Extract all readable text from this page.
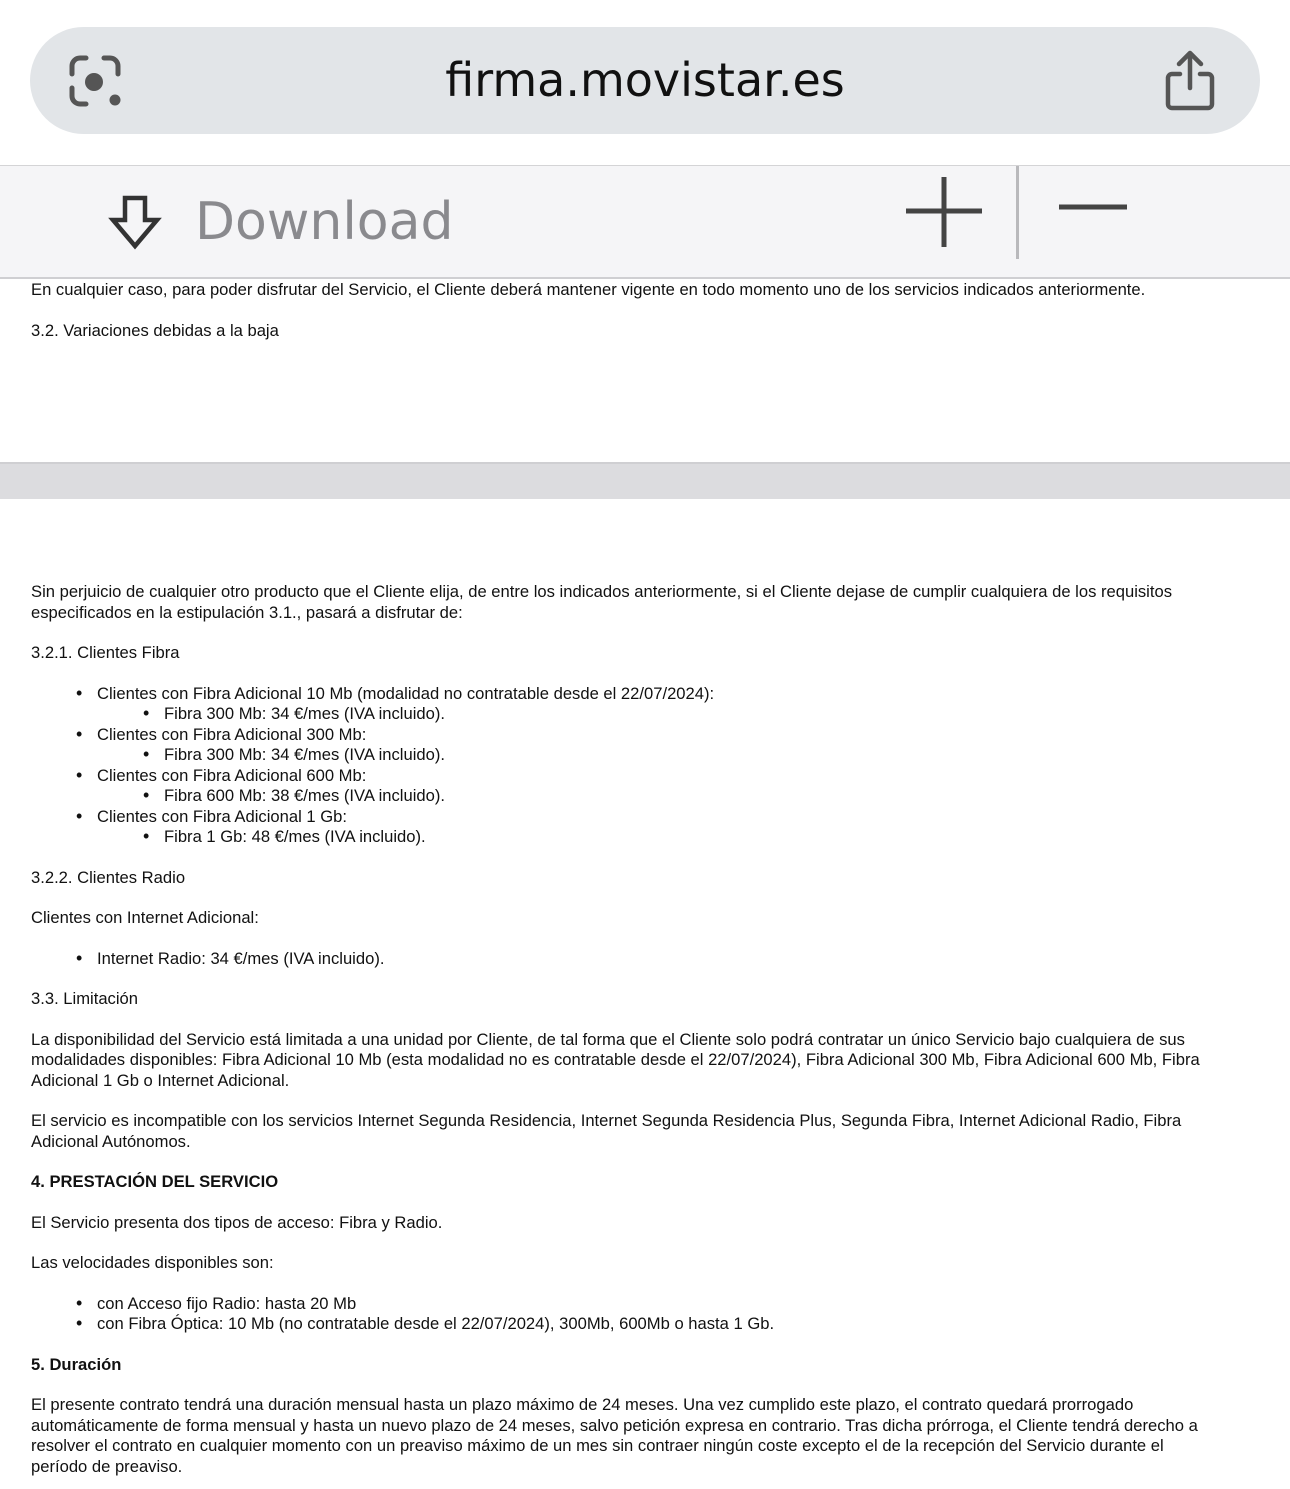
firma.movistar.es
Download

En cualquier caso, para poder disfrutar del Servicio, el Cliente deberá mantener vigente en todo momento uno de los servicios indicados anteriormente.

3.2. Variaciones debidas a la baja

Sin perjuicio de cualquier otro producto que el Cliente elija, de entre los indicados anteriormente, si el Cliente dejase de cumplir cualquiera de los requisitos especificados en la estipulación 3.1., pasará a disfrutar de:

3.2.1. Clientes Fibra

• Clientes con Fibra Adicional 10 Mb (modalidad no contratable desde el 22/07/2024):
• Fibra 300 Mb: 34 €/mes (IVA incluido).
• Clientes con Fibra Adicional 300 Mb:
• Fibra 300 Mb: 34 €/mes (IVA incluido).
• Clientes con Fibra Adicional 600 Mb:
• Fibra 600 Mb: 38 €/mes (IVA incluido).
• Clientes con Fibra Adicional 1 Gb:
• Fibra 1 Gb: 48 €/mes (IVA incluido).

3.2.2. Clientes Radio

Clientes con Internet Adicional:

• Internet Radio: 34 €/mes (IVA incluido).

3.3. Limitación

La disponibilidad del Servicio está limitada a una unidad por Cliente, de tal forma que el Cliente solo podrá contratar un único Servicio bajo cualquiera de sus modalidades disponibles: Fibra Adicional 10 Mb (esta modalidad no es contratable desde el 22/07/2024), Fibra Adicional 300 Mb, Fibra Adicional 600 Mb, Fibra Adicional 1 Gb o Internet Adicional.

El servicio es incompatible con los servicios Internet Segunda Residencia, Internet Segunda Residencia Plus, Segunda Fibra, Internet Adicional Radio, Fibra Adicional Autónomos.

4. PRESTACIÓN DEL SERVICIO

El Servicio presenta dos tipos de acceso: Fibra y Radio.

Las velocidades disponibles son:

• con Acceso fijo Radio: hasta 20 Mb
• con Fibra Óptica: 10 Mb (no contratable desde el 22/07/2024), 300Mb, 600Mb o hasta 1 Gb.

5. Duración

El presente contrato tendrá una duración mensual hasta un plazo máximo de 24 meses. Una vez cumplido este plazo, el contrato quedará prorrogado automáticamente de forma mensual y hasta un nuevo plazo de 24 meses, salvo petición expresa en contrario. Tras dicha prórroga, el Cliente tendrá derecho a resolver el contrato en cualquier momento con un preaviso máximo de un mes sin contraer ningún coste excepto el de la recepción del Servicio durante el período de preaviso.
